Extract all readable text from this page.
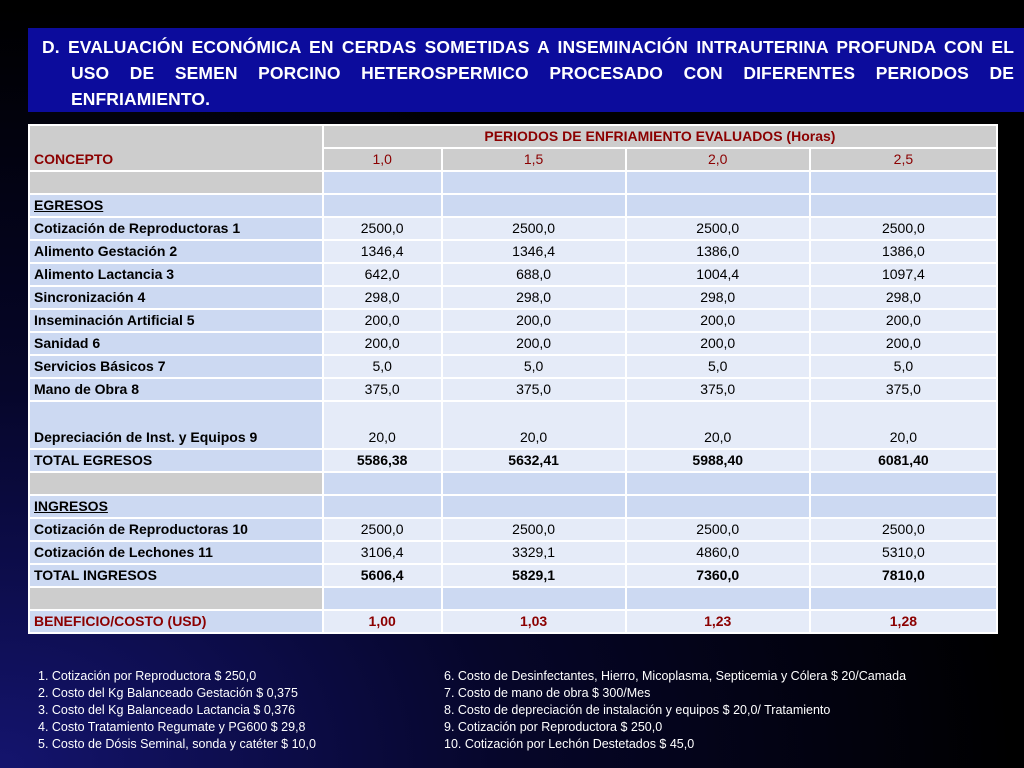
D. EVALUACIÓN ECONÓMICA EN CERDAS SOMETIDAS A INSEMINACIÓN INTRAUTERINA PROFUNDA CON EL USO DE SEMEN PORCINO HETEROSPERMICO PROCESADO CON DIFERENTES PERIODOS DE ENFRIAMIENTO.
CONCEPTO	PERIODOS DE ENFRIAMIENTO EVALUADOS (Horas)			
	1,0	1,5	2,0	2,5

EGRESOS				
Cotización de Reproductoras 1	2500,0	2500,0	2500,0	2500,0
Alimento Gestación 2	1346,4	1346,4	1386,0	1386,0
Alimento Lactancia 3	642,0	688,0	1004,4	1097,4
Sincronización 4	298,0	298,0	298,0	298,0
Inseminación Artificial 5	200,0	200,0	200,0	200,0
Sanidad 6	200,0	200,0	200,0	200,0
Servicios Básicos 7	5,0	5,0	5,0	5,0
Mano de Obra 8	375,0	375,0	375,0	375,0
Depreciación de Inst. y Equipos 9	20,0	20,0	20,0	20,0
TOTAL EGRESOS	5586,38	5632,41	5988,40	6081,40

INGRESOS				
Cotización de Reproductoras 10	2500,0	2500,0	2500,0	2500,0
Cotización de Lechones 11	3106,4	3329,1	4860,0	5310,0
TOTAL INGRESOS	5606,4	5829,1	7360,0	7810,0

BENEFICIO/COSTO (USD)	1,00	1,03	1,23	1,28
1. Cotización por Reproductora $ 250,0
2. Costo del Kg Balanceado Gestación $ 0,375
3. Costo del Kg Balanceado Lactancia $ 0,376
4. Costo Tratamiento Regumate y PG600 $ 29,8
5. Costo de Dósis Seminal, sonda y catéter $ 10,0
6. Costo de Desinfectantes, Hierro, Micoplasma, Septicemia y Cólera $ 20/Camada
7. Costo de mano de obra $ 300/Mes
8. Costo de depreciación de instalación y equipos $ 20,0/ Tratamiento
9. Cotización por Reproductora $ 250,0
10. Cotización por Lechón Destetados $ 45,0
